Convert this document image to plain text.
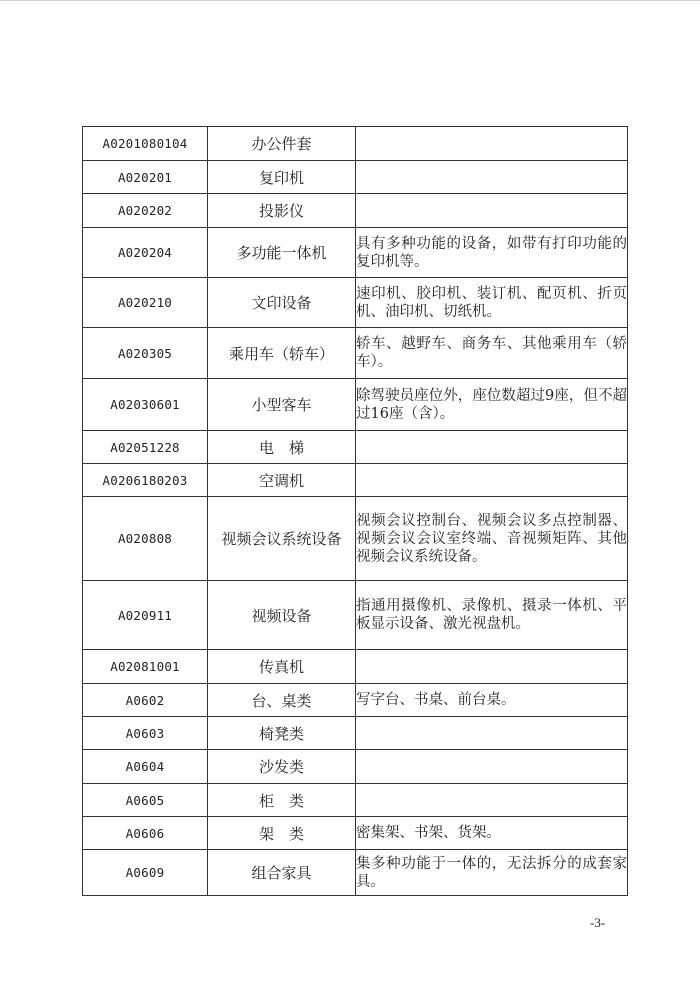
A0201080104	办公件套	
A020201	复印机	
A020202	投影仪	
A020204	多功能一体机	具有多种功能的设备，如带有打印功能的复印机等。
A020210	文印设备	速印机、胶印机、装订机、配页机、折页机、油印机、切纸机。
A020305	乘用车（轿车）	轿车、越野车、商务车、其他乘用车（轿车）。
A02030601	小型客车	除驾驶员座位外，座位数超过9座，但不超过16座（含）。
A02051228	电　梯	
A0206180203	空调机	
A020808	视频会议系统设备	视频会议控制台、视频会议多点控制器、视频会议会议室终端、音视频矩阵、其他视频会议系统设备。
A020911	视频设备	指通用摄像机、录像机、摄录一体机、平板显示设备、激光视盘机。
A02081001	传真机	
A0602	台、桌类	写字台、书桌、前台桌。
A0603	椅凳类	
A0604	沙发类	
A0605	柜　类	
A0606	架　类	密集架、书架、货架。
A0609	组合家具	集多种功能于一体的，无法拆分的成套家具。
-3-
